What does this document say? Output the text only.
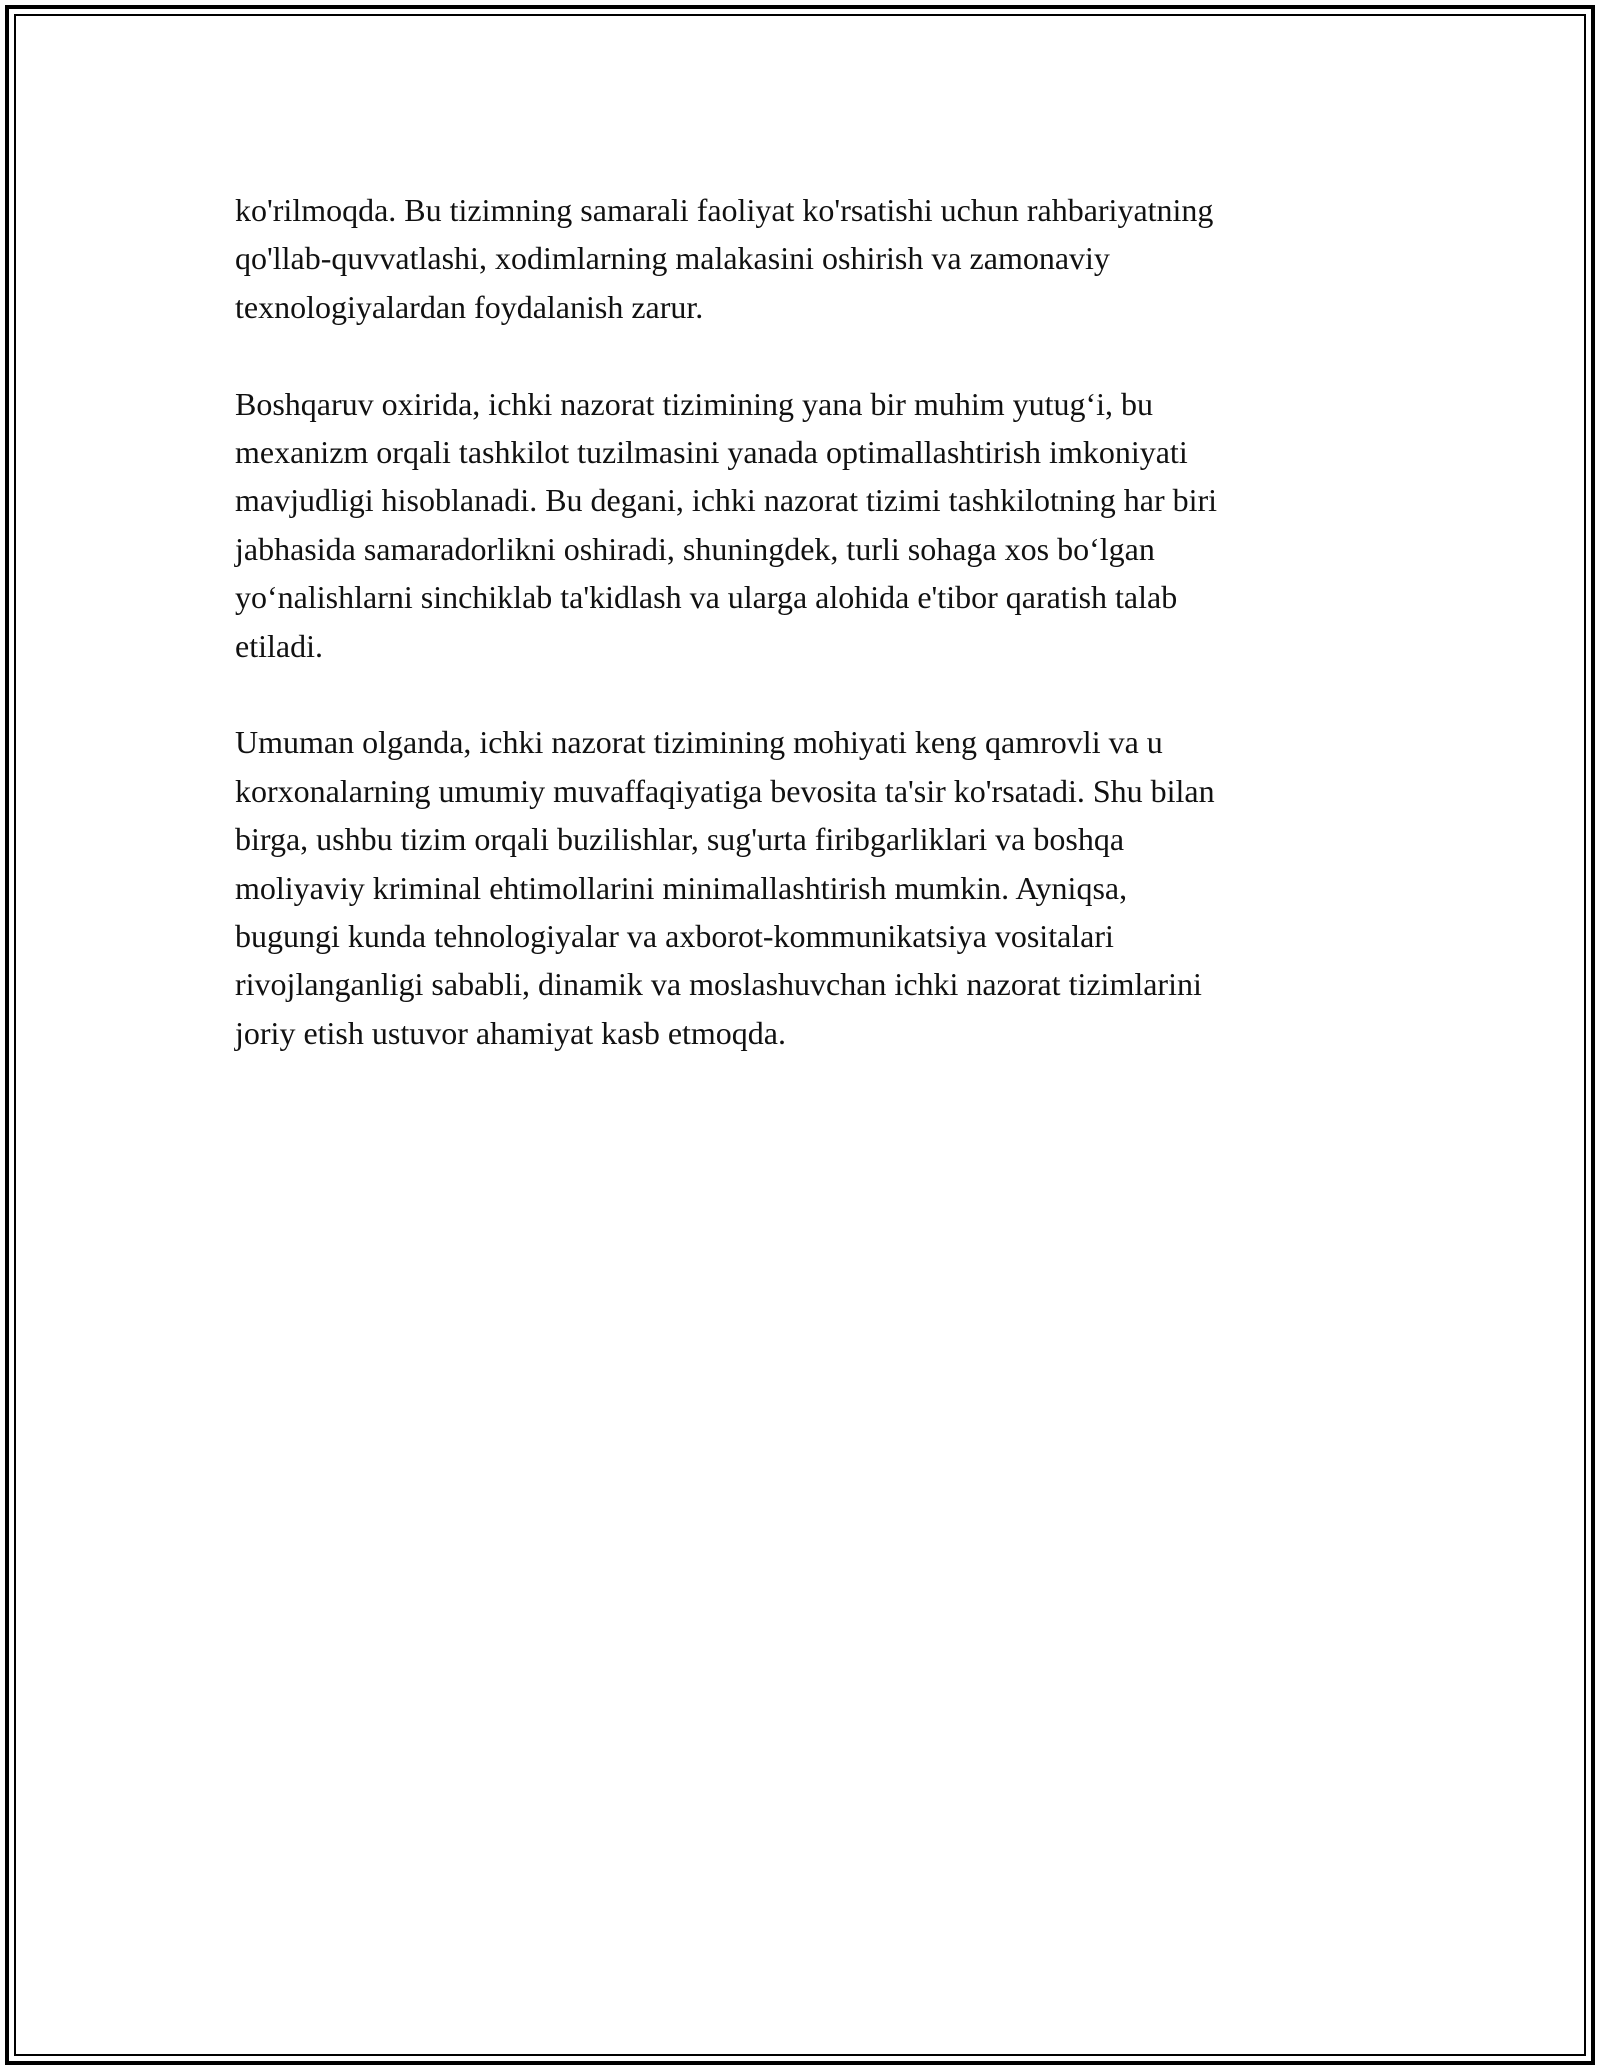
ko'rilmoqda. Bu tizimning samarali faoliyat ko'rsatishi uchun rahbariyatning
qo'llab-quvvatlashi, xodimlarning malakasini oshirish va zamonaviy
texnologiyalardan foydalanish zarur.

Boshqaruv oxirida, ichki nazorat tizimining yana bir muhim yutug‘i, bu
mexanizm orqali tashkilot tuzilmasini yanada optimallashtirish imkoniyati
mavjudligi hisoblanadi. Bu degani, ichki nazorat tizimi tashkilotning har biri
jabhasida samaradorlikni oshiradi, shuningdek, turli sohaga xos bo‘lgan
yo‘nalishlarni sinchiklab ta'kidlash va ularga alohida e'tibor qaratish talab
etiladi.

Umuman olganda, ichki nazorat tizimining mohiyati keng qamrovli va u
korxonalarning umumiy muvaffaqiyatiga bevosita ta'sir ko'rsatadi. Shu bilan
birga, ushbu tizim orqali buzilishlar, sug'urta firibgarliklari va boshqa
moliyaviy kriminal ehtimollarini minimallashtirish mumkin. Ayniqsa,
bugungi kunda tehnologiyalar va axborot-kommunikatsiya vositalari
rivojlanganligi sababli, dinamik va moslashuvchan ichki nazorat tizimlarini
joriy etish ustuvor ahamiyat kasb etmoqda.
